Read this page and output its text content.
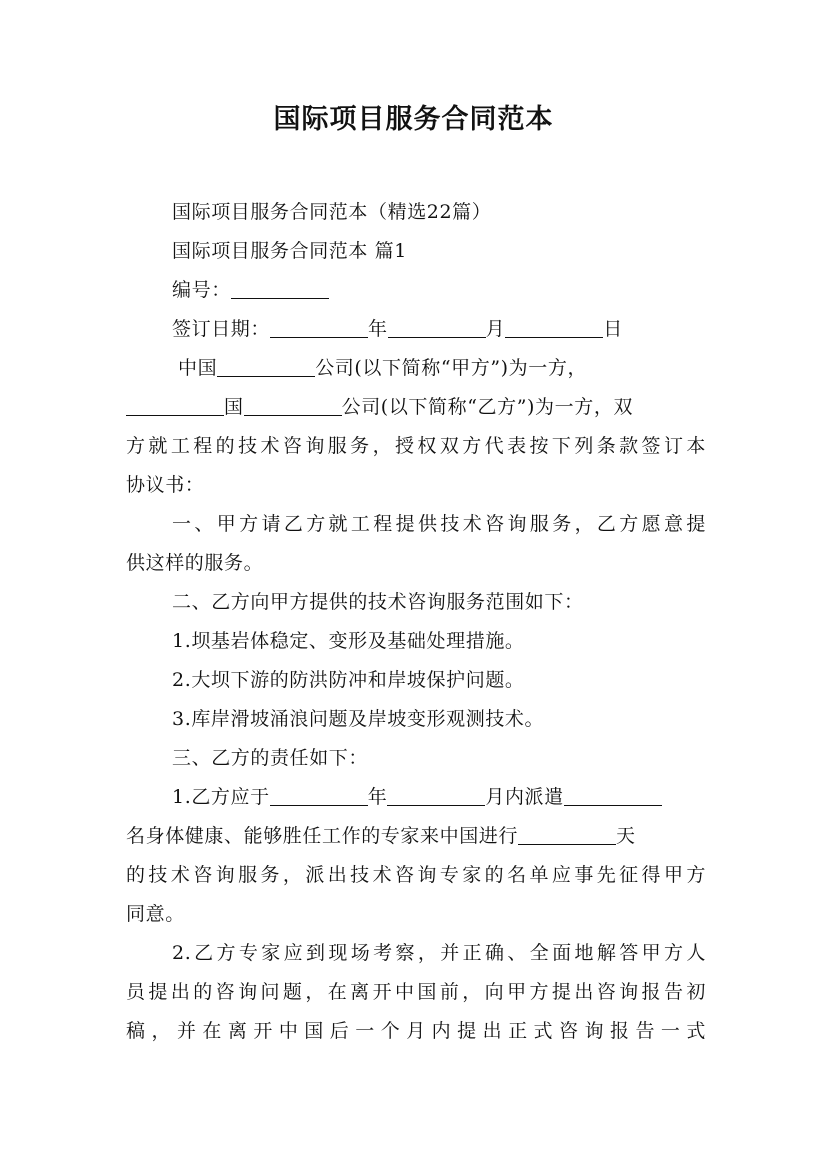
国际项目服务合同范本
国际项目服务合同范本（精选22篇）
国际项目服务合同范本 篇1
编号：
签订日期：	年	月	日
中国	公司(以下简称“甲方”)为一方，
国	公司(以下简称“乙方”)为一方，双
方就工程的技术咨询服务，授权双方代表按下列条款签订本
协议书：
一、甲方请乙方就工程提供技术咨询服务，乙方愿意提
供这样的服务。
二、乙方向甲方提供的技术咨询服务范围如下：
1.坝基岩体稳定、变形及基础处理措施。
2.大坝下游的防洪防冲和岸坡保护问题。
3.库岸滑坡涌浪问题及岸坡变形观测技术。
三、乙方的责任如下：
1.乙方应于	年	月内派遣
名身体健康、能够胜任工作的专家来中国进行	天
的技术咨询服务，派出技术咨询专家的名单应事先征得甲方
同意。
2.乙方专家应到现场考察，并正确、全面地解答甲方人
员提出的咨询问题，在离开中国前，向甲方提出咨询报告初
稿，并在离开中国后一个月内提出正式咨询报告一式
